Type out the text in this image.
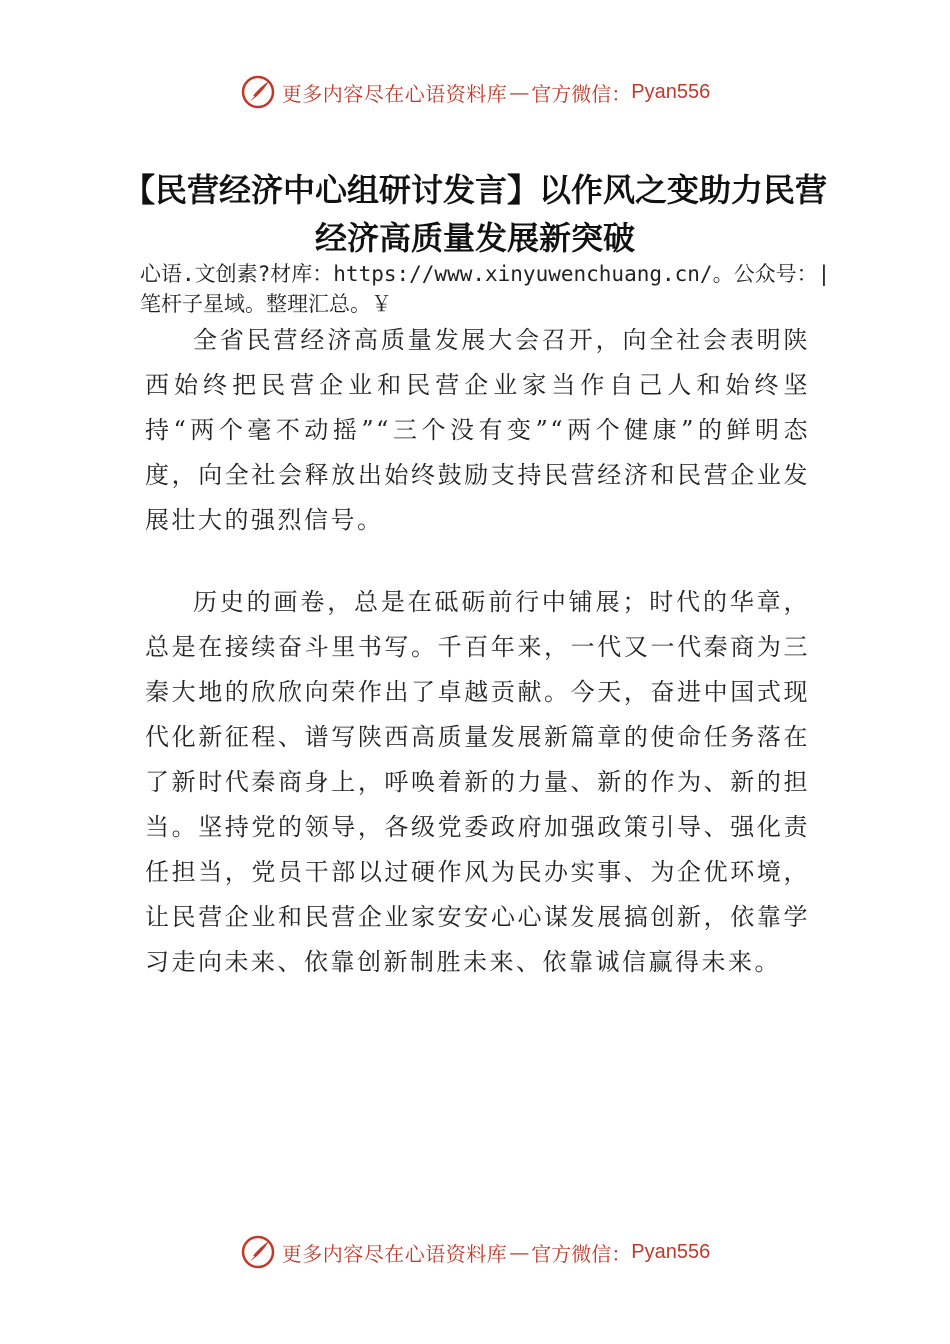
更多内容尽在心语资料库 — 官方微信： Pyan556
【民营经济中心组研讨发言】以作风之变助力民营经济高质量发展新突破
心语.文创素?材库：https://www.xinyuwenchuang.cn/。公众号：|笔杆子星域。整理汇总。￥

全省民营经济高质量发展大会召开，向全社会表明陕西始终把民营企业和民营企业家当作自己人和始终坚持“两个毫不动摇”“三个没有变”“两个健康”的鲜明态度，向全社会释放出始终鼓励支持民营经济和民营企业发展壮大的强烈信号。

历史的画卷，总是在砥砺前行中铺展；时代的华章，总是在接续奋斗里书写。千百年来，一代又一代秦商为三秦大地的欣欣向荣作出了卓越贡献。今天，奋进中国式现代化新征程、谱写陕西高质量发展新篇章的使命任务落在了新时代秦商身上，呼唤着新的力量、新的作为、新的担当。坚持党的领导，各级党委政府加强政策引导、强化责任担当，党员干部以过硬作风为民办实事、为企优环境，让民营企业和民营企业家安安心心谋发展搞创新，依靠学习走向未来、依靠创新制胜未来、依靠诚信赢得未来。

更多内容尽在心语资料库 — 官方微信： Pyan556
